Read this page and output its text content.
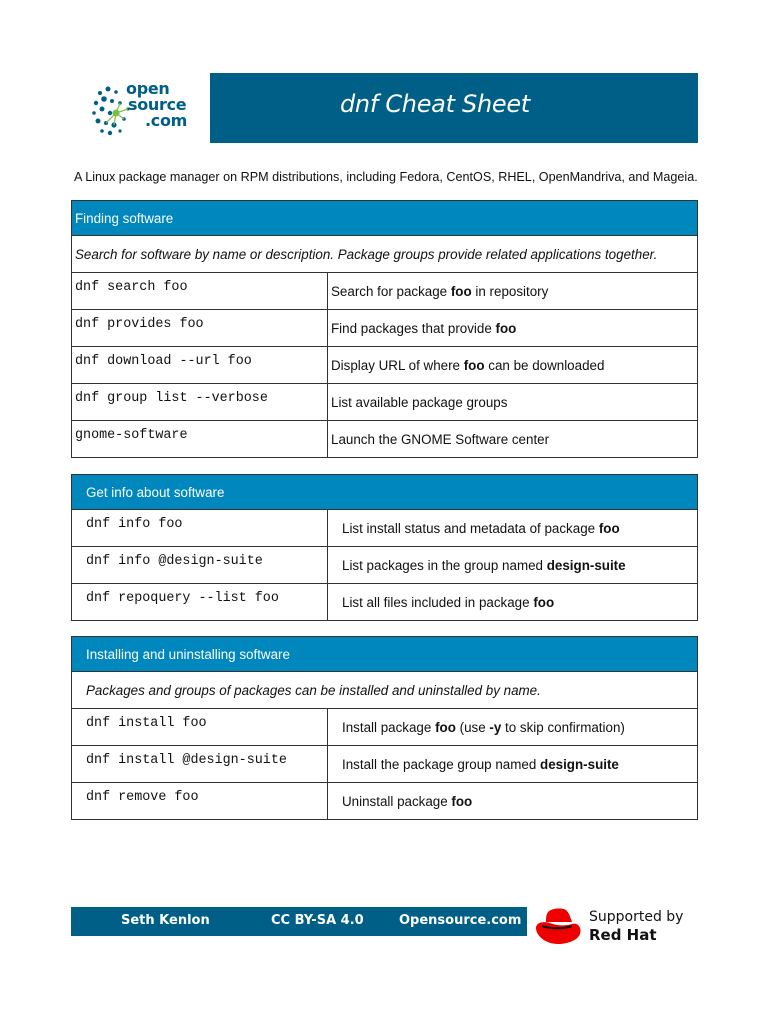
open
source
.com
dnf Cheat Sheet
A Linux package manager on RPM distributions, including Fedora, CentOS, RHEL, OpenMandriva, and Mageia.
Finding software	
Search for software by name or description. Package groups provide related applications together.	
dnf search foo	Search for package foo in repository
dnf provides foo	Find packages that provide foo
dnf download --url foo	Display URL of where foo can be downloaded
dnf group list --verbose	List available package groups
gnome-software	Launch the GNOME Software center
Get info about software	
dnf info foo	List install status and metadata of package foo
dnf info @design-suite	List packages in the group named design-suite
dnf repoquery --list foo	List all files included in package foo
Installing and uninstalling software	
Packages and groups of packages can be installed and uninstalled by name.	
dnf install foo	Install package foo (use -y to skip confirmation)
dnf install @design-suite	Install the package group named design-suite
dnf remove foo	Uninstall package foo
Seth Kenlon	CC BY-SA 4.0	Opensource.com	Supported by
Red Hat
